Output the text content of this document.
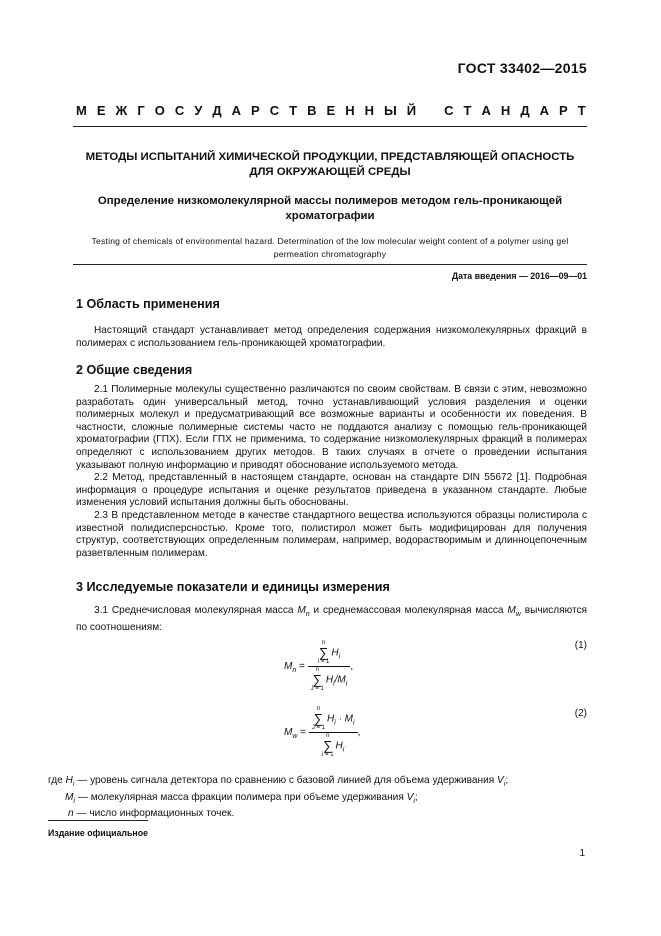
ГОСТ 33402—2015
М Е Ж Г О С У Д А Р С Т В Е Н Н Ы Й С Т А Н Д А Р Т
МЕТОДЫ ИСПЫТАНИЙ ХИМИЧЕСКОЙ ПРОДУКЦИИ, ПРЕДСТАВЛЯЮЩЕЙ ОПАСНОСТЬ
ДЛЯ ОКРУЖАЮЩЕЙ СРЕДЫ
Определение низкомолекулярной массы полимеров методом гель-проникающей
хроматографии
Testing of chemicals of environmental hazard. Determination of the low molecular weight content of a polymer using gel
permeation chromatography
Дата введения — 2016—09—01
1 Область применения

Настоящий стандарт устанавливает метод определения содержания низкомолекулярных фракций в полимерах с использованием гель-проникающей хроматографии.

2 Общие сведения

2.1 Полимерные молекулы существенно различаются по своим свойствам. В связи с этим, невозможно разработать один универсальный метод, точно устанавливающий условия разделения и оценки полимерных молекул и предусматривающий все возможные варианты и особенности их поведения. В частности, сложные полимерные системы часто не поддаются анализу с помощью гель-проникающей хроматографии (ГПХ). Если ГПХ не применима, то содержание низкомолекулярных фракций в полимерах определяют с использованием других методов. В таких случаях в отчете о проведении испытания указывают полную информацию и приводят обоснование используемого метода.

2.2 Метод, представленный в настоящем стандарте, основан на стандарте DIN 55672 [1]. Подробная информация о процедуре испытания и оценке результатов приведена в указанном стандарте. Любые изменения условий испытания должны быть обоснованы.

2.3 В представленном методе в качестве стандартного вещества используются образцы полистирола с известной полидисперсностью. Кроме того, полистирол может быть модифицирован для получения структур, соответствующих определенным полимерам, например, водорастворимым и длинноцепочечным разветвленным полимерам.

3 Исследуемые показатели и единицы измерения

3.1 Среднечисловая молекулярная масса $M_n$ и среднемассовая молекулярная масса $M_w$ вычисляются по соотношениям:

$M_n = n$
∑
i = 1
$H_i$
n
∑
J = 1
$H_i/M_i$ ,
(1)
$M_w = n$
∑
J = 1
$H_i \cdot M_i$
n
∑
i = 1
$H_i$ ,
(2)
где $H_i$ — уровень сигнала детектора по сравнению с базовой линией для объема удерживания $V_i$;
$M_i$ — молекулярная масса фракции полимера при объеме удерживания $V_i$;
n — число информационных точек.
Издание официальное
1
